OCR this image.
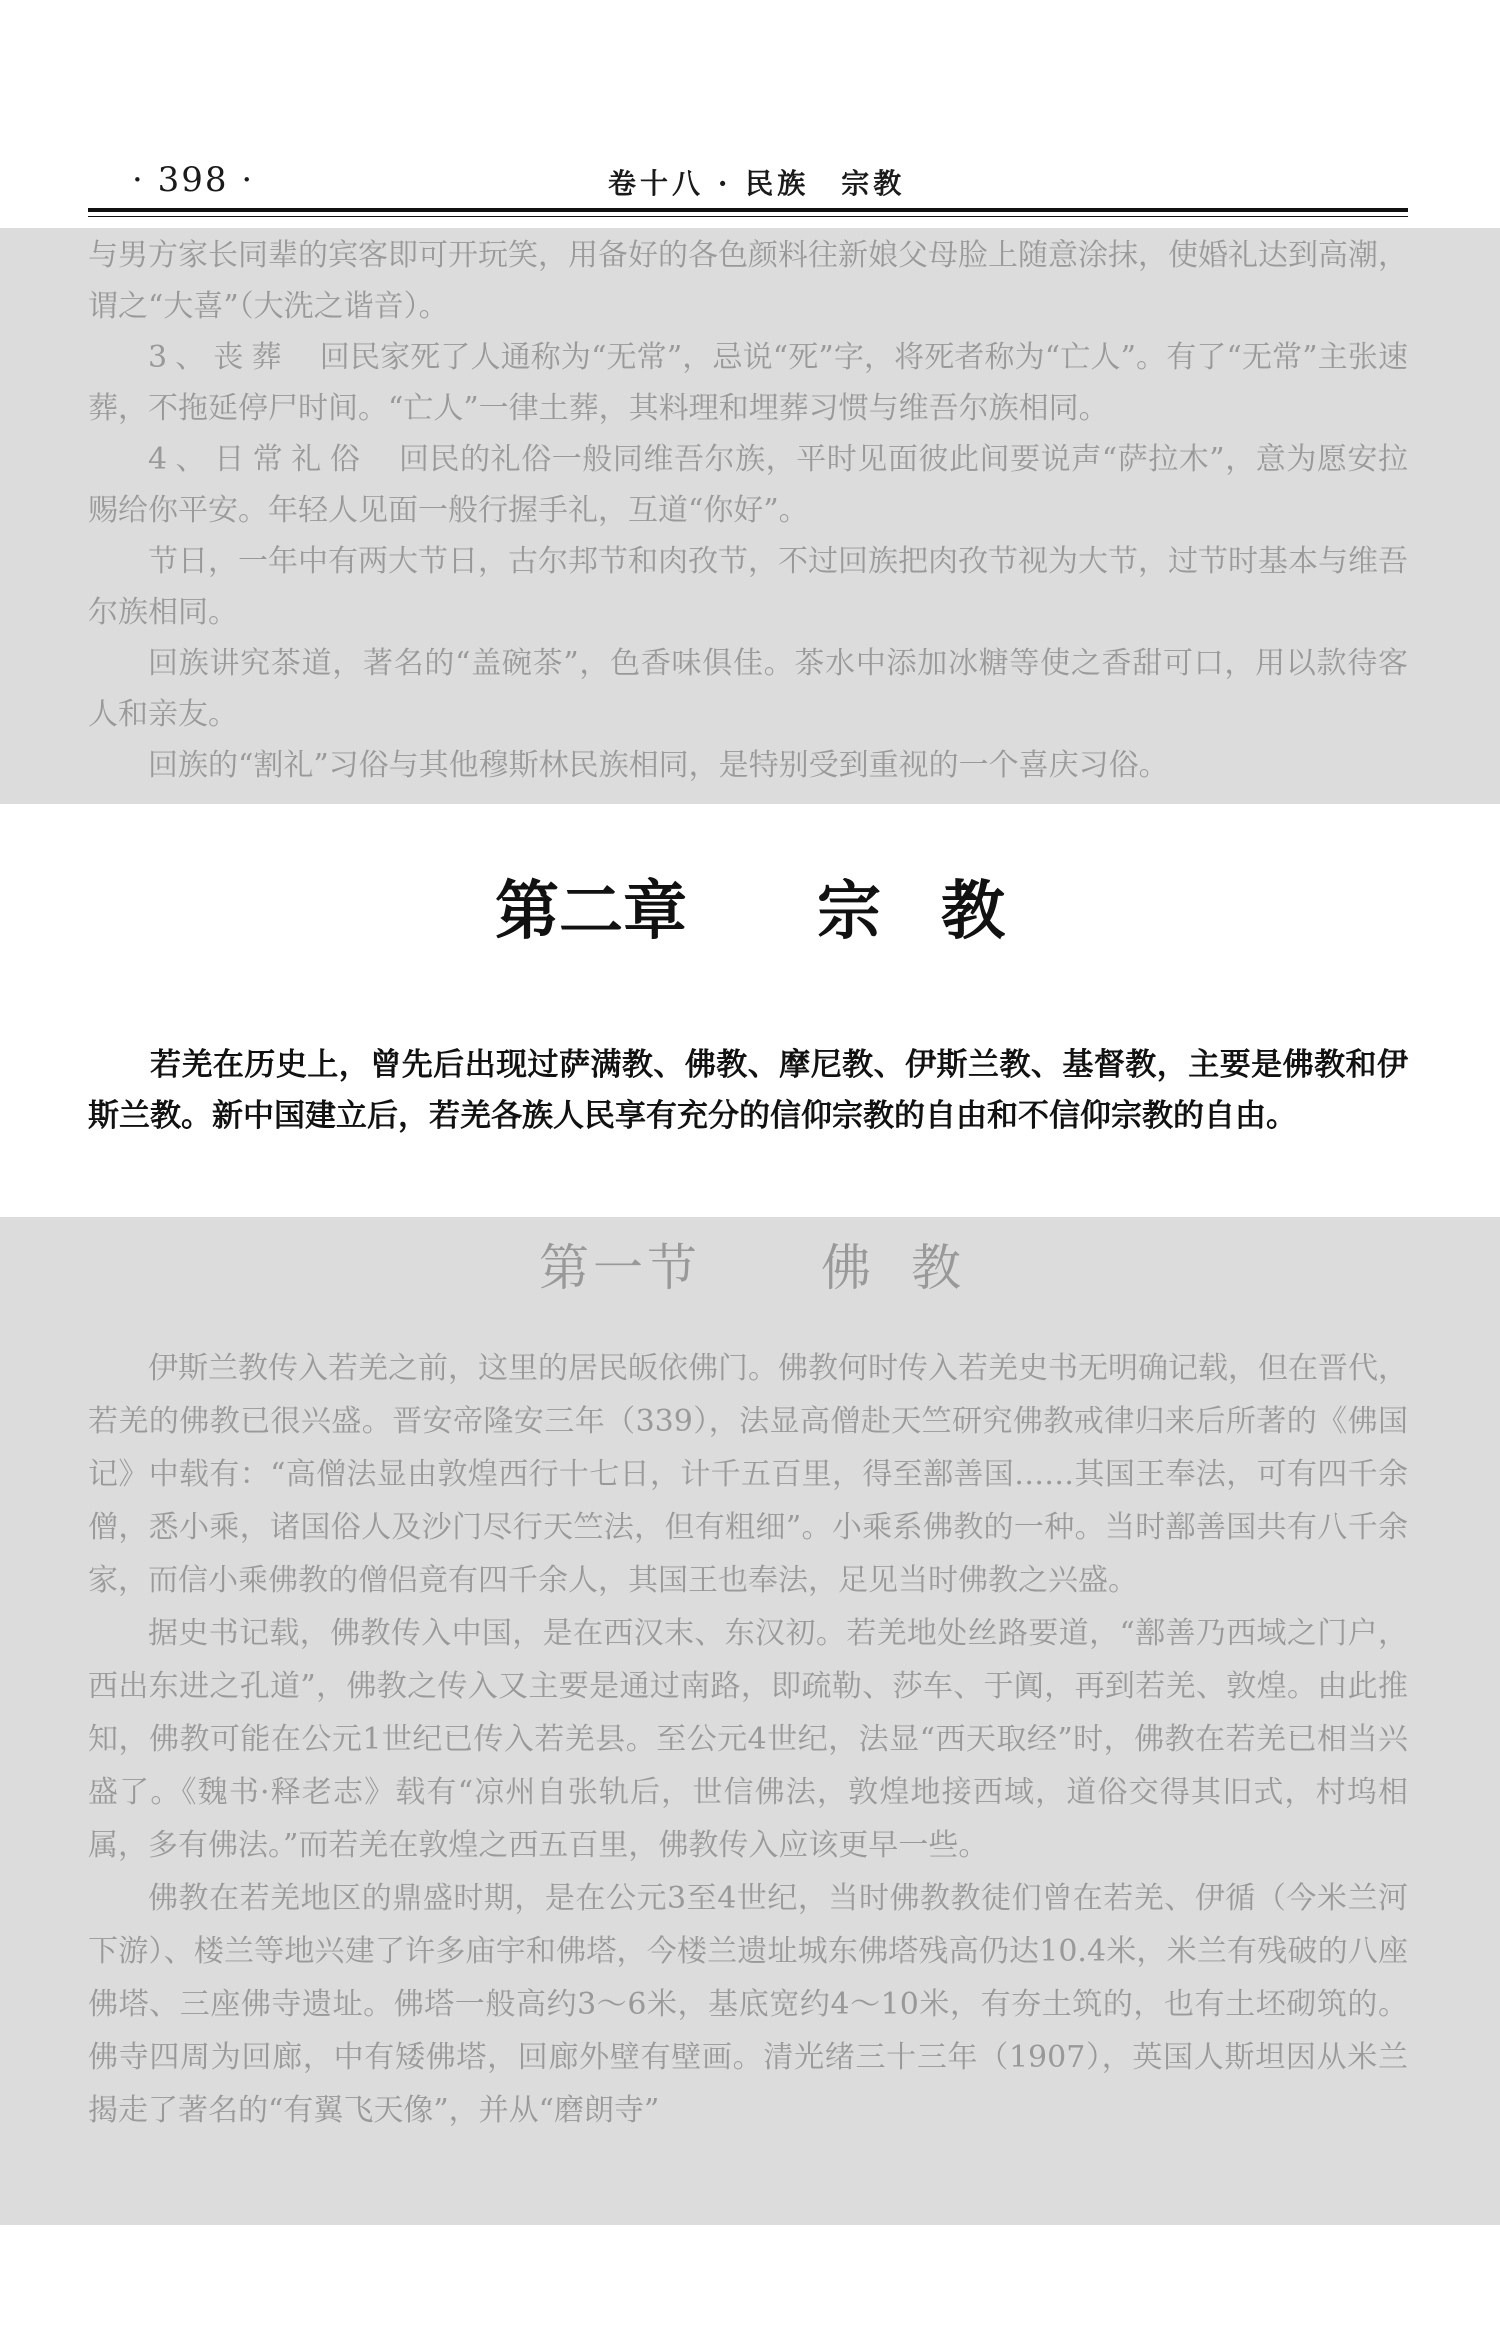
· 398 ·	卷十八 · 民族　宗教

与男方家长同辈的宾客即可开玩笑，用备好的各色颜料往新娘父母脸上随意涂抹，使婚礼达到高潮，谓之“大喜”（大洗之谐音）。

3、丧葬　回民家死了人通称为“无常”，忌说“死”字，将死者称为“亡人”。有了“无常”主张速葬，不拖延停尸时间。“亡人”一律土葬，其料理和埋葬习惯与维吾尔族相同。

4、日常礼俗　回民的礼俗一般同维吾尔族，平时见面彼此间要说声“萨拉木”，意为愿安拉赐给你平安。年轻人见面一般行握手礼，互道“你好”。

节日，一年中有两大节日，古尔邦节和肉孜节，不过回族把肉孜节视为大节，过节时基本与维吾尔族相同。

回族讲究茶道，著名的“盖碗茶”，色香味俱佳。茶水中添加冰糖等使之香甜可口，用以款待客人和亲友。

回族的“割礼”习俗与其他穆斯林民族相同，是特别受到重视的一个喜庆习俗。

第二章 宗教

若羌在历史上，曾先后出现过萨满教、佛教、摩尼教、伊斯兰教、基督教，主要是佛教和伊斯兰教。新中国建立后，若羌各族人民享有充分的信仰宗教的自由和不信仰宗教的自由。

第一节 佛教

伊斯兰教传入若羌之前，这里的居民皈依佛门。佛教何时传入若羌史书无明确记载，但在晋代，若羌的佛教已很兴盛。晋安帝隆安三年（339），法显高僧赴天竺研究佛教戒律归来后所著的《佛国记》中载有：“高僧法显由敦煌西行十七日，计千五百里，得至鄯善国……其国王奉法，可有四千余僧，悉小乘，诸国俗人及沙门尽行天竺法，但有粗细”。小乘系佛教的一种。当时鄯善国共有八千余家，而信小乘佛教的僧侣竟有四千余人，其国王也奉法，足见当时佛教之兴盛。

据史书记载，佛教传入中国，是在西汉末、东汉初。若羌地处丝路要道，“鄯善乃西域之门户，西出东进之孔道”，佛教之传入又主要是通过南路，即疏勒、莎车、于阗，再到若羌、敦煌。由此推知，佛教可能在公元1世纪已传入若羌县。至公元4世纪，法显“西天取经”时，佛教在若羌已相当兴盛了。《魏书·释老志》载有“凉州自张轨后，世信佛法，敦煌地接西域，道俗交得其旧式，村坞相属，多有佛法。”而若羌在敦煌之西五百里，佛教传入应该更早一些。

佛教在若羌地区的鼎盛时期，是在公元3至4世纪，当时佛教教徒们曾在若羌、伊循（今米兰河下游）、楼兰等地兴建了许多庙宇和佛塔，今楼兰遗址城东佛塔残高仍达10.4米，米兰有残破的八座佛塔、三座佛寺遗址。佛塔一般高约3～6米，基底宽约4～10米，有夯土筑的，也有土坯砌筑的。佛寺四周为回廊，中有矮佛塔，回廊外壁有壁画。清光绪三十三年（1907），英国人斯坦因从米兰揭走了著名的“有翼飞天像”，并从“磨朗寺”
